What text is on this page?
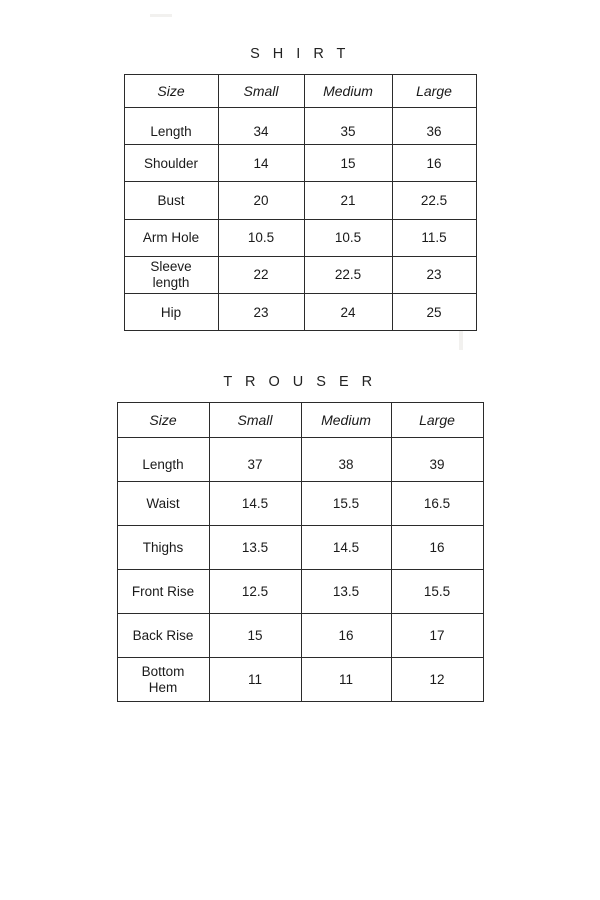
S H I R T
Size	Small	Medium	Large
Length	34	35	36
Shoulder	14	15	16
Bust	20	21	22.5
Arm Hole	10.5	10.5	11.5
Sleeve
length	22	22.5	23
Hip	23	24	25
T R O U S E R
Size	Small	Medium	Large
Length	37	38	39
Waist	14.5	15.5	16.5
Thighs	13.5	14.5	16
Front Rise	12.5	13.5	15.5
Back Rise	15	16	17
Bottom
Hem	11	11	12
